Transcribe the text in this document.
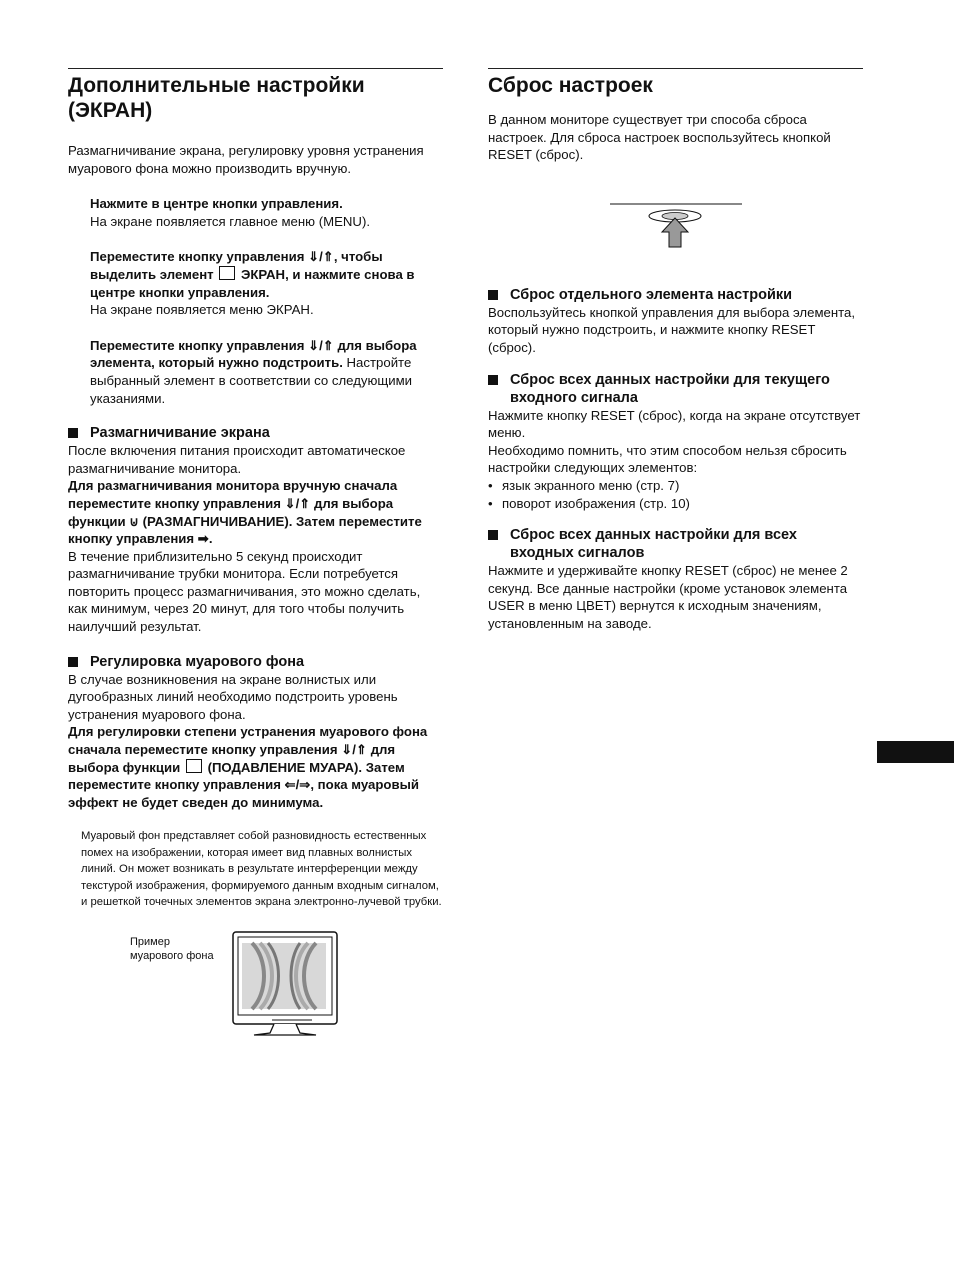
Дополнительные настройки (ЭКРАН)

Размагничивание экрана, регулировку уровня устранения муарового фона можно производить вручную.

Нажмите в центре кнопки управления.
На экране появляется главное меню (MENU).
Переместите кнопку управления ⇓/⇑, чтобы выделить элемент ЭКРАН, и нажмите снова в центре кнопки управления.
На экране появляется меню ЭКРАН.
Переместите кнопку управления ⇓/⇑ для выбора элемента, который нужно подстроить. Настройте выбранный элемент в соответствии со следующими указаниями.
Размагничивание экрана

После включения питания происходит автоматическое размагничивание монитора.

Для размагничивания монитора вручную сначала переместите кнопку управления ⇓/⇑ для выбора функции ⊍ (РАЗМАГНИЧИВАНИЕ). Затем переместите кнопку управления ➡.

В течение приблизительно 5 секунд происходит размагничивание трубки монитора. Если потребуется повторить процесс размагничивания, это можно сделать, как минимум, через 20 минут, для того чтобы получить наилучший результат.

Регулировка муарового фона

В случае возникновения на экране волнистых или дугообразных линий необходимо подстроить уровень устранения муарового фона.

Для регулировки степени устранения муарового фона сначала переместите кнопку управления ⇓/⇑ для выбора функции (ПОДАВЛЕНИЕ МУАРА). Затем переместите кнопку управления ⇐/⇒, пока муаровый эффект не будет сведен до минимума.

Муаровый фон представляет собой разновидность естественных помех на изображении, которая имеет вид плавных волнистых линий. Он может возникать в результате интерференции между текстурой изображения, формируемого данным входным сигналом, и решеткой точечных элементов экрана электронно-лучевой трубки.

Пример
муарового фона
Сброс настроек

В данном мониторе существует три способа сброса настроек. Для сброса настроек воспользуйтесь кнопкой RESET (сброс).

Сброс отдельного элемента настройки

Воспользуйтесь кнопкой управления для выбора элемента, который нужно подстроить, и нажмите кнопку RESET (сброс).

Сброс всех данных настройки для текущего входного сигнала

Нажмите кнопку RESET (сброс), когда на экране отсутствует меню.

Необходимо помнить, что этим способом нельзя сбросить настройки следующих элементов:

• язык экранного меню (стр. 7)
• поворот изображения (стр. 10)
Сброс всех данных настройки для всех входных сигналов

Нажмите и удерживайте кнопку RESET (сброс) не менее 2 секунд. Все данные настройки (кроме установок элемента USER в меню ЦВЕТ) вернутся к исходным значениям, установленным на заводе.
